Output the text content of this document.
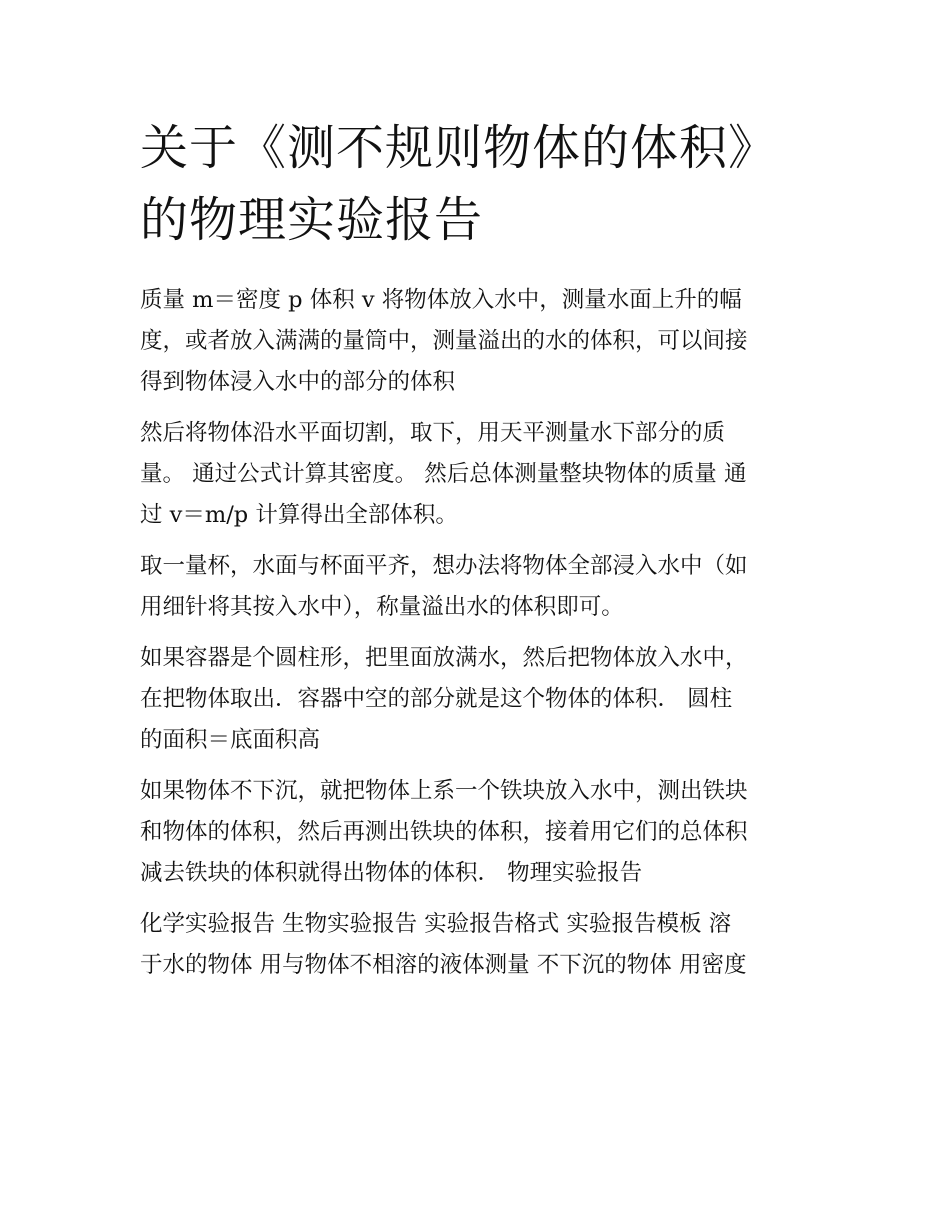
关于《测不规则物体的体积》
的物理实验报告

质量 m＝密度 p 体积 v 将物体放入水中，测量水面上升的幅
度，或者放入满满的量筒中，测量溢出的水的体积，可以间接
得到物体浸入水中的部分的体积

然后将物体沿水平面切割，取下，用天平测量水下部分的质
量。 通过公式计算其密度。 然后总体测量整块物体的质量 通
过 v＝m/p 计算得出全部体积。

取一量杯，水面与杯面平齐，想办法将物体全部浸入水中（如
用细针将其按入水中），称量溢出水的体积即可。

如果容器是个圆柱形，把里面放满水，然后把物体放入水中，
在把物体取出．容器中空的部分就是这个物体的体积． 圆柱
的面积＝底面积高

如果物体不下沉，就把物体上系一个铁块放入水中，测出铁块
和物体的体积，然后再测出铁块的体积，接着用它们的总体积
减去铁块的体积就得出物体的体积． 物理实验报告

化学实验报告 生物实验报告 实验报告格式 实验报告模板 溶
于水的物体 用与物体不相溶的液体测量 不下沉的物体 用密度
